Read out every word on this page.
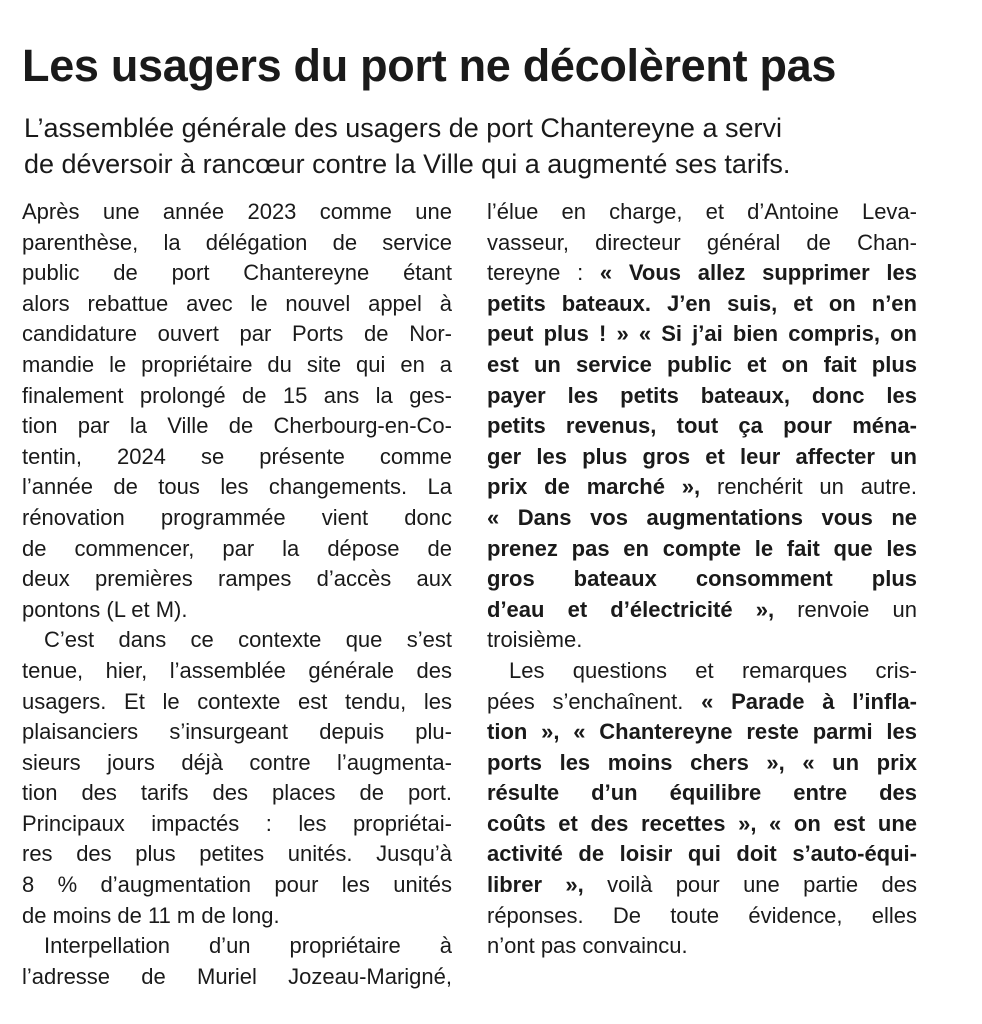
Les usagers du port ne décolèrent pas

L’assemblée générale des usagers de port Chantereyne a servi
de déversoir à rancœur contre la Ville qui a augmenté ses tarifs.

Après une année 2023 comme une
parenthèse, la délégation de service
public de port Chantereyne étant
alors rebattue avec le nouvel appel à
candidature ouvert par Ports de Nor-
mandie le propriétaire du site qui en a
finalement prolongé de 15 ans la ges-
tion par la Ville de Cherbourg-en-Co-
tentin, 2024 se présente comme
l’année de tous les changements. La
rénovation programmée vient donc
de commencer, par la dépose de
deux premières rampes d’accès aux
pontons (L et M).
C’est dans ce contexte que s’est
tenue, hier, l’assemblée générale des
usagers. Et le contexte est tendu, les
plaisanciers s’insurgeant depuis plu-
sieurs jours déjà contre l’augmenta-
tion des tarifs des places de port.
Principaux impactés : les propriétai-
res des plus petites unités. Jusqu’à
8 % d’augmentation pour les unités
de moins de 11 m de long.
Interpellation d’un propriétaire à
l’adresse de Muriel Jozeau-Marigné,
l’élue en charge, et d’Antoine Leva-
vasseur, directeur général de Chan-
tereyne : « Vous allez supprimer les
petits bateaux. J’en suis, et on n’en
peut plus ! » « Si j’ai bien compris, on
est un service public et on fait plus
payer les petits bateaux, donc les
petits revenus, tout ça pour ména-
ger les plus gros et leur affecter un
prix de marché », renchérit un autre.
« Dans vos augmentations vous ne
prenez pas en compte le fait que les
gros bateaux consomment plus
d’eau et d’électricité », renvoie un
troisième.
Les questions et remarques cris-
pées s’enchaînent. « Parade à l’infla-
tion », « Chantereyne reste parmi les
ports les moins chers », « un prix
résulte d’un équilibre entre des
coûts et des recettes », « on est une
activité de loisir qui doit s’auto-équi-
librer », voilà pour une partie des
réponses. De toute évidence, elles
n’ont pas convaincu.
